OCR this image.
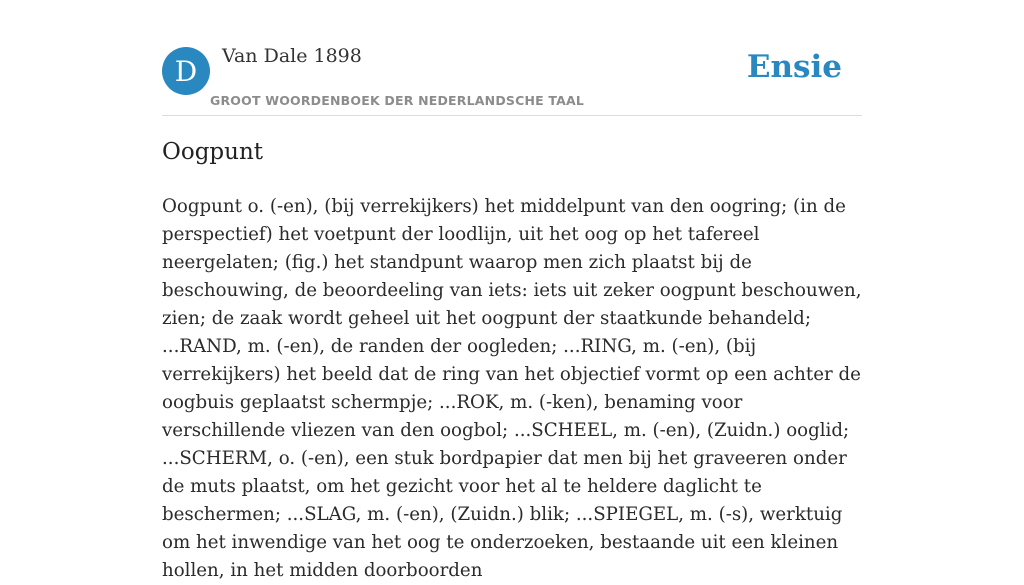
D Van Dale 1898
GROOT WOORDENBOEK DER NEDERLANDSCHE TAAL
Ensie
Oogpunt

Oogpunt o. (-en), (bij verrekijkers) het middelpunt van den oogring; (in de perspectief) het voetpunt der loodlijn, uit het oog op het tafereel neergelaten; (fig.) het standpunt waarop men zich plaatst bij de beschouwing, de beoordeeling van iets: iets uit zeker oogpunt beschouwen, zien; de zaak wordt geheel uit het oogpunt der staatkunde behandeld; ...RAND, m. (-en), de randen der oogleden; ...RING, m. (-en), (bij verrekijkers) het beeld dat de ring van het objectief vormt op een achter de oogbuis geplaatst schermpje; ...ROK, m. (-ken), benaming voor verschillende vliezen van den oogbol; ...SCHEEL, m. (-en), (Zuidn.) ooglid; ...SCHERM, o. (-en), een stuk bordpapier dat men bij het graveeren onder de muts plaatst, om het gezicht voor het al te heldere daglicht te beschermen; ...SLAG, m. (-en), (Zuidn.) blik; ...SPIEGEL, m. (-s), werktuig om het inwendige van het oog te onderzoeken, bestaande uit een kleinen hollen, in het midden doorboorden
